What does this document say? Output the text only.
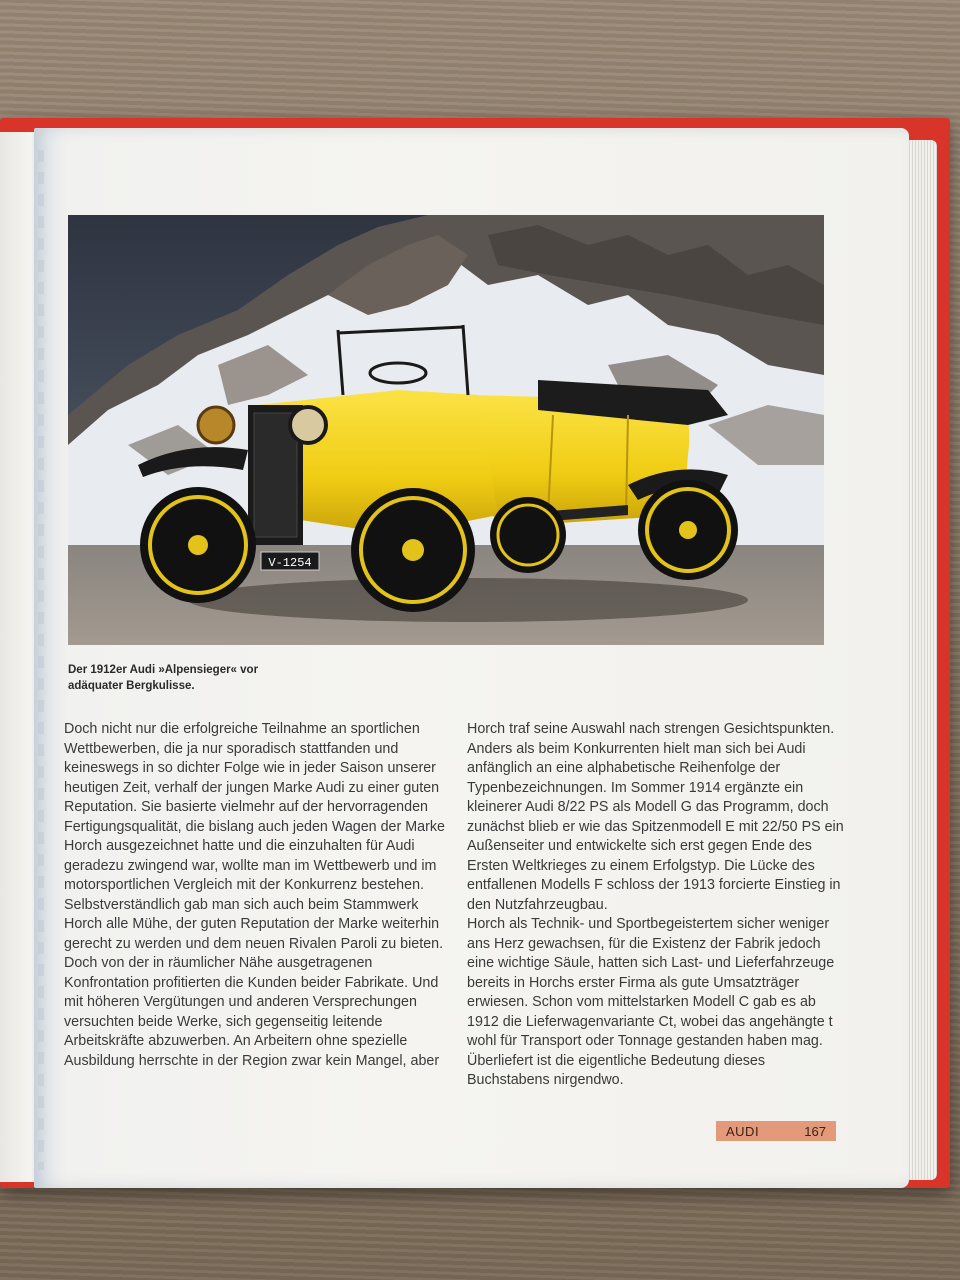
V-1254
Der 1912er Audi »Alpensieger« vor
adäquater Bergkulisse.

Doch nicht nur die erfolgreiche Teilnahme an sportlichen Wettbewerben, die ja nur sporadisch stattfanden und keineswegs in so dichter Folge wie in jeder Saison unserer heutigen Zeit, verhalf der jungen Marke Audi zu einer guten Reputation. Sie basierte vielmehr auf der hervorragenden Fertigungsqualität, die bislang auch jeden Wagen der Marke Horch ausgezeichnet hatte und die einzuhalten für Audi geradezu zwingend war, wollte man im Wettbewerb und im motorsportlichen Vergleich mit der Konkurrenz bestehen. Selbstverständlich gab man sich auch beim Stammwerk Horch alle Mühe, der guten Reputation der Marke weiterhin gerecht zu werden und dem neuen Rivalen Paroli zu bieten.

Doch von der in räumlicher Nähe ausgetragenen Konfrontation profitierten die Kunden beider Fabrikate. Und mit höheren Vergütungen und anderen Versprechungen versuchten beide Werke, sich gegenseitig leitende Arbeitskräfte abzuwerben. An Arbeitern ohne spezielle Ausbildung herrschte in der Region zwar kein Mangel, aber

Horch traf seine Auswahl nach strengen Gesichtspunkten. Anders als beim Konkurrenten hielt man sich bei Audi anfänglich an eine alphabetische Reihenfolge der Typenbezeichnungen. Im Sommer 1914 ergänzte ein kleinerer Audi 8/22 PS als Modell G das Programm, doch zunächst blieb er wie das Spitzenmodell E mit 22/50 PS ein Außenseiter und entwickelte sich erst gegen Ende des Ersten Weltkrieges zu einem Erfolgstyp. Die Lücke des entfallenen Modells F schloss der 1913 forcierte Einstieg in den Nutzfahrzeugbau.

Horch als Technik- und Sportbegeistertem sicher weniger ans Herz gewachsen, für die Existenz der Fabrik jedoch eine wichtige Säule, hatten sich Last- und Lieferfahrzeuge bereits in Horchs erster Firma als gute Umsatzträger erwiesen. Schon vom mittelstarken Modell C gab es ab 1912 die Lieferwagenvariante Ct, wobei das angehängte t wohl für Transport oder Tonnage gestanden haben mag. Überliefert ist die eigentliche Bedeutung dieses Buchstabens nirgendwo.

AUDI	167
